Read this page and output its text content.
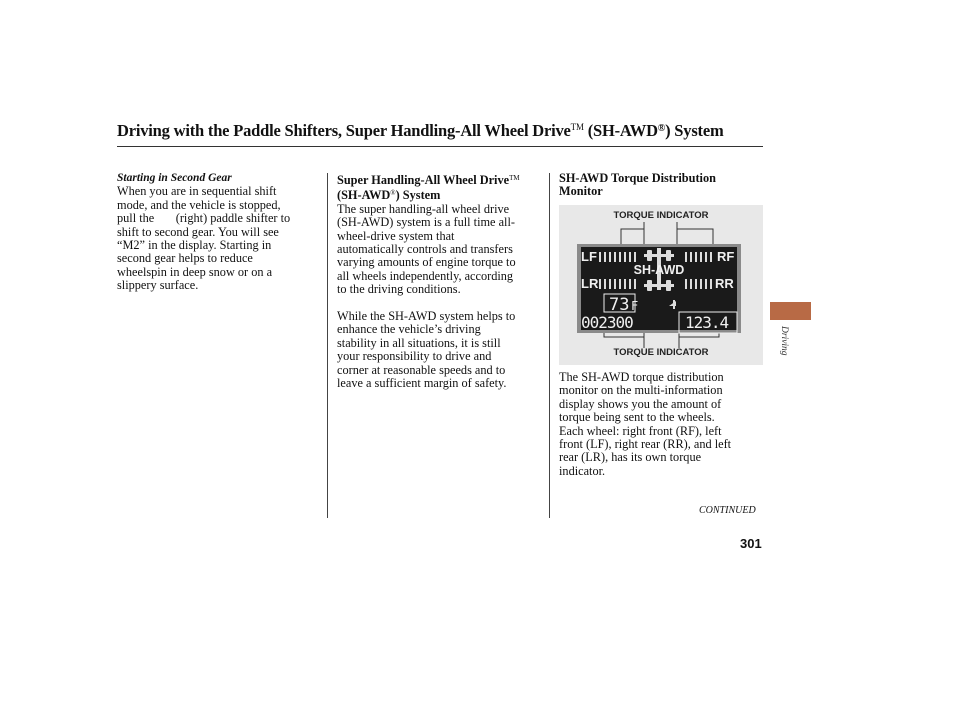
Driving with the Paddle Shifters, Super Handling-All Wheel Drive™ (SH-AWD®) System

Starting in Second Gear

When you are in sequential shift

mode, and the vehicle is stopped,

pull the       (right) paddle shifter to

shift to second gear. You will see

“M2” in the display. Starting in

second gear helps to reduce

wheelspin in deep snow or on a

slippery surface.

Super Handling-All Wheel Drive™

(SH-AWD®) System

The super handling-all wheel drive

(SH-AWD) system is a full time all-

wheel-drive system that

automatically controls and transfers

varying amounts of engine torque to

all wheels independently, according

to the driving conditions.

While the SH-AWD system helps to

enhance the vehicle’s driving

stability in all situations, it is still

your responsibility to drive and

corner at reasonable speeds and to

leave a sufficient margin of safety.

SH-AWD Torque Distribution

Monitor

TORQUE INDICATOR
LF	RF
LR	RR
SH-AWD
73 F
002300	123.4
TORQUE INDICATOR

The SH-AWD torque distribution

monitor on the multi-information

display shows you the amount of

torque being sent to the wheels.

Each wheel: right front (RF), left

front (LF), right rear (RR), and left

rear (LR), has its own torque

indicator.

Driving
CONTINUED
301
